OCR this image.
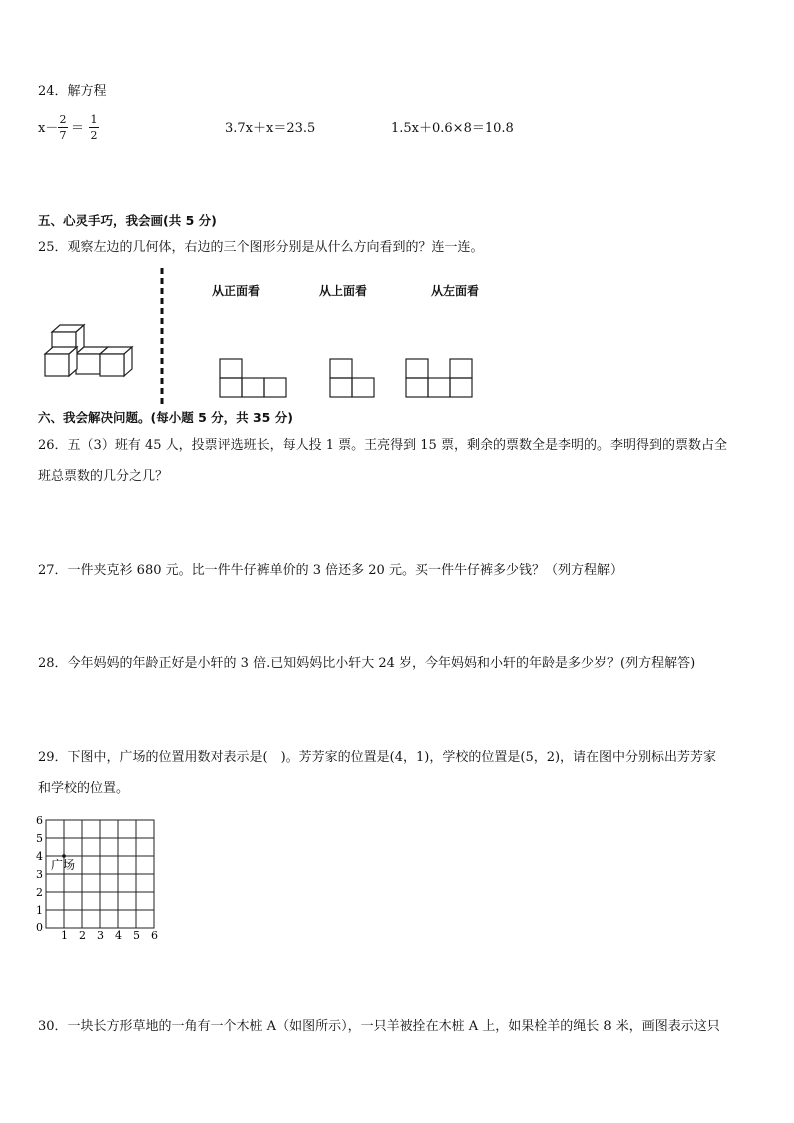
24．解方程
x－
2
7 ＝
1
2	3.7x＋x＝23.5	1.5x＋0.6×8＝10.8
五、心灵手巧，我会画(共 5 分)
25．观察左边的几何体，右边的三个图形分别是从什么方向看到的？连一连。
从正面看	从上面看	从左面看
六、我会解决问题。(每小题 5 分，共 35 分)
26．五（3）班有 45 人，投票评选班长，每人投 1 票。王亮得到 15 票，剩余的票数全是李明的。李明得到的票数占全
班总票数的几分之几？
27．一件夹克衫 680 元。比一件牛仔裤单价的 3 倍还多 20 元。买一件牛仔裤多少钱？（列方程解）
28．今年妈妈的年龄正好是小轩的 3 倍.已知妈妈比小轩大 24 岁，今年妈妈和小轩的年龄是多少岁？(列方程解答)
29．下图中，广场的位置用数对表示是(　)。芳芳家的位置是(4，1)，学校的位置是(5，2)，请在图中分别标出芳芳家
和学校的位置。
6
5
4
3
2
1
0
1 2 3 4 5 6
广场
30．一块长方形草地的一角有一个木桩 A（如图所示），一只羊被拴在木桩 A 上，如果栓羊的绳长 8 米，画图表示这只
